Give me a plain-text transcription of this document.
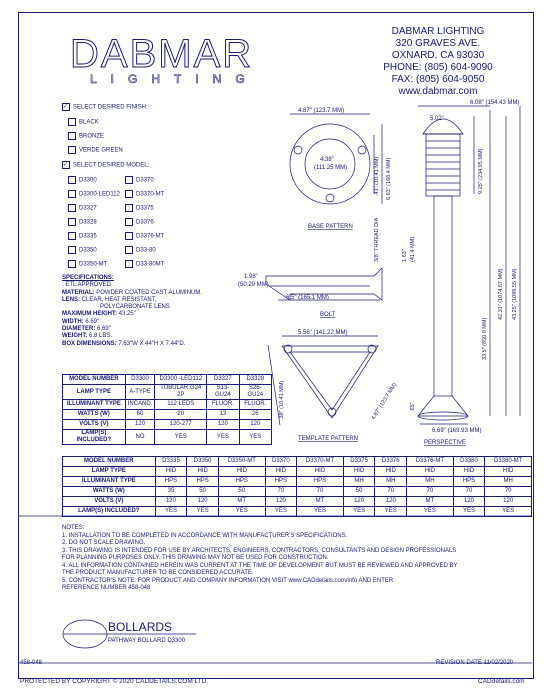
DABMAR
LIGHTING
DABMAR LIGHTING
320 GRAVES AVE.
OXNARD, CA 93030
PHONE: (805) 604-9090
FAX: (805) 604-9050
www.dabmar.com
✓ SELECT DESIRED FINISH:
BLACK
BRONZE
VERDE GREEN
✓ SELECT DESIRED MODEL:
D3300	D3370
D3300-LED112	D3370-MT
D3327	D3375
D3328	D3376
D3335	D3376-MT
D3350	D33-80
D3350-MT	D33-80MT
SPECIFICATIONS:
: ETL APPROVED
MATERIAL: POWDER COATED CAST ALUMINUM.
LENS: CLEAR, HEAT RESISTANT,
POLYCARBONATE LENS
MAXIMUM HEIGHT: 43.25"
WIDTH: 6.69"
DIAMETER: 6.69"
WEIGHT: 6.8 LBS.
BOX DIMENSIONS: 7.63"W X 44"H X 7.44"D.
MODEL NUMBER	D3300	D3300 -LED112	D3327	D3328
LAMP TYPE	A-TYPE	TUBULAR G24 2P	S13-GU24	S26-GU24
ILLUMINANT TYPE	INCAND.	112 LEDS	FLUOR.	FLUOR.
WATTS (W)	60	20	13	26
VOLTS (V)	120	120-277	120	120
LAMP(S) INCLUDED?	NO	YES	YES	YES
MODEL NUMBER	D3335	D3350	D3350-MT	D3370	D3370-MT	D3375	D3376	D3376-MT	D3380	D3380-MT
LAMP TYPE	HID	HID	HID	HID	HID	HID	HID	HID	HID	HID
ILLUMINANT TYPE	HPS	HPS	HPS	HPS	HPS	MH	MH	MH	HPS	MH
WATTS (W)	35	50	50	70	70	50	70	70	70	70
VOLTS (V)	120	120	MT	120	MT	120	120	MT	120	120
LAMP(S) INCLUDED?	YES	YES	YES	YES	YES	YES	YES	YES	YES	YES
4.87" (123.7 MM)
4.38"
(111.25 MM)	.41" (10.41 MM) 6.63" (168.4 MM)
BASE PATTERN
1.98"
(50.29 MM)
6.5" (165.1 MM)
3/8" THREAD DIA	1.63" (41.4 MM)
BOLT
5.56" (141.22 MM)
.38" (10.41 MM)	4.87" (123.7 MM)
TEMPLATE PATTERN
6.08" (154.43 MM)
5.02"
9.25" (234.95 MM)
33.5" (850.9 MM)
42.31" (1074.67 MM) 43.25" (1098.55 MM)
.65"
6.69" (169.93 MM)
PERSPECTIVE
NOTES:
1. INSTALLATION TO BE COMPLETED IN ACCORDANCE WITH MANUFACTURER'S SPECIFICATIONS.
2. DO NOT SCALE DRAWING.
3. THIS DRAWING IS INTENDED FOR USE BY ARCHITECTS, ENGINEERS, CONTRACTORS, CONSULTANTS AND DESIGN PROFESSIONALS
FOR PLANNING PURPOSES ONLY. THIS DRAWING MAY NOT BE USED FOR CONSTRUCTION.
4. ALL INFORMATION CONTAINED HEREIN WAS CURRENT AT THE TIME OF DEVELOPMENT BUT MUST BE REVIEWED AND APPROVED BY
THE PRODUCT MANUFACTURER TO BE CONSIDERED ACCURATE.
5. CONTRACTOR'S NOTE: FOR PRODUCT AND COMPANY INFORMATION VISIT www.CADdetails.com/info AND ENTER
REFERENCE NUMBER 458-048
BOLLARDS
PATHWAY BOLLARD D3300
458-048	REVISION DATE 11/02/2020
PROTECTED BY COPYRIGHT © 2020 CADDETAILS.COM LTD.	CADdetails.com
